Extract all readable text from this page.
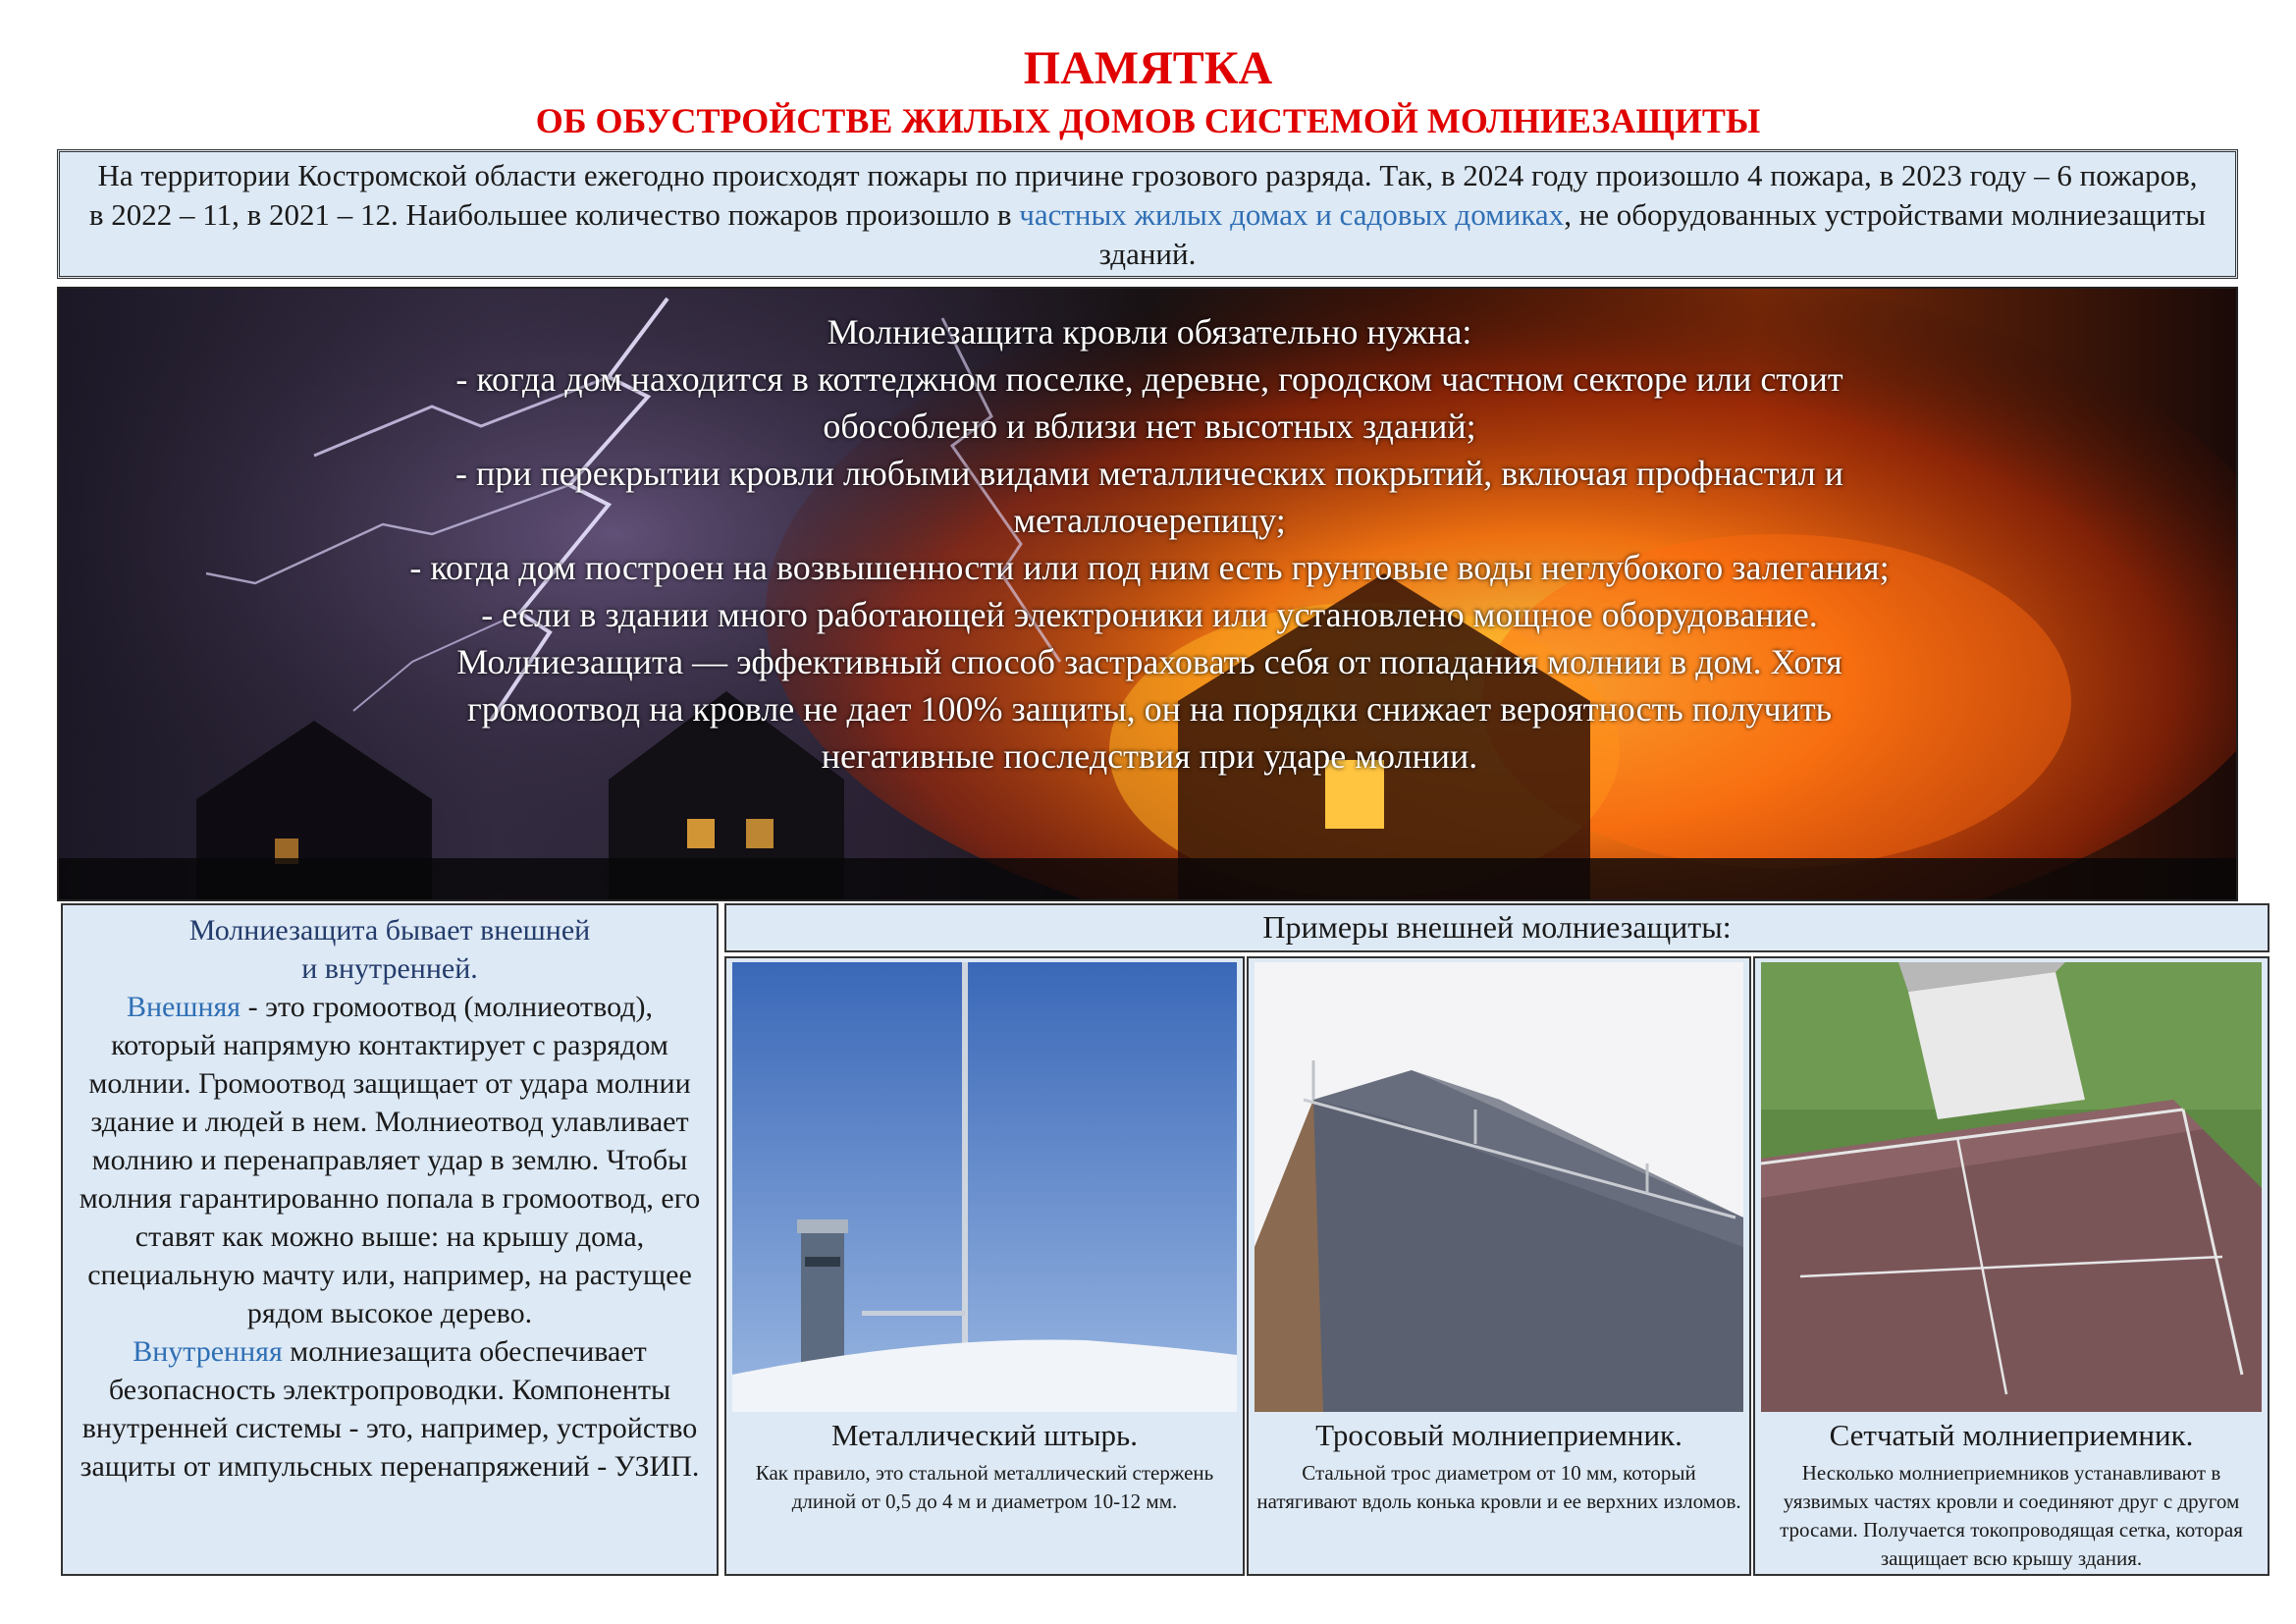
ПАМЯТКА
ОБ ОБУСТРОЙСТВЕ ЖИЛЫХ ДОМОВ СИСТЕМОЙ МОЛНИЕЗАЩИТЫ
На территории Костромской области ежегодно происходят пожары по причине грозового разряда. Так, в 2024 году произошло 4 пожара, в 2023 году – 6 пожаров, в 2022 – 11, в 2021 – 12. Наибольшее количество пожаров произошло в частных жилых домах и садовых домиках, не оборудованных устройствами молниезащиты зданий.
Молниезащита кровли обязательно нужна:
- когда дом находится в коттеджном поселке, деревне, городском частном секторе или стоит обособлено и вблизи нет высотных зданий;
- при перекрытии кровли любыми видами металлических покрытий, включая профнастил и металлочерепицу;
- когда дом построен на возвышенности или под ним есть грунтовые воды неглубокого залегания;
- если в здании много работающей электроники или установлено мощное оборудование.
Молниезащита — эффективный способ застраховать себя от попадания молнии в дом. Хотя громоотвод на кровле не дает 100% защиты, он на порядки снижает вероятность получить негативные последствия при ударе молнии.
Молниезащита бывает внешней
и внутренней.
Внешняя - это громоотвод (молниеотвод), который напрямую контактирует с разрядом молнии. Громоотвод защищает от удара молнии здание и людей в нем. Молниеотвод улавливает молнию и перенаправляет удар в землю. Чтобы молния гарантированно попала в громоотвод, его ставят как можно выше: на крышу дома, специальную мачту или, например, на растущее рядом высокое дерево.
Внутренняя молниезащита обеспечивает безопасность электропроводки. Компоненты внутренней системы - это, например, устройство защиты от импульсных перенапряжений - УЗИП.
Примеры внешней молниезащиты:
Металлический штырь.
Как правило, это стальной металлический стержень длиной от 0,5 до 4 м и диаметром 10-12 мм.
Тросовый молниеприемник.
Стальной трос диаметром от 10 мм, который натягивают вдоль конька кровли и ее верхних изломов.
Сетчатый молниеприемник.
Несколько молниеприемников устанавливают в уязвимых частях кровли и соединяют друг с другом тросами. Получается токопроводящая сетка, которая защищает всю крышу здания.
